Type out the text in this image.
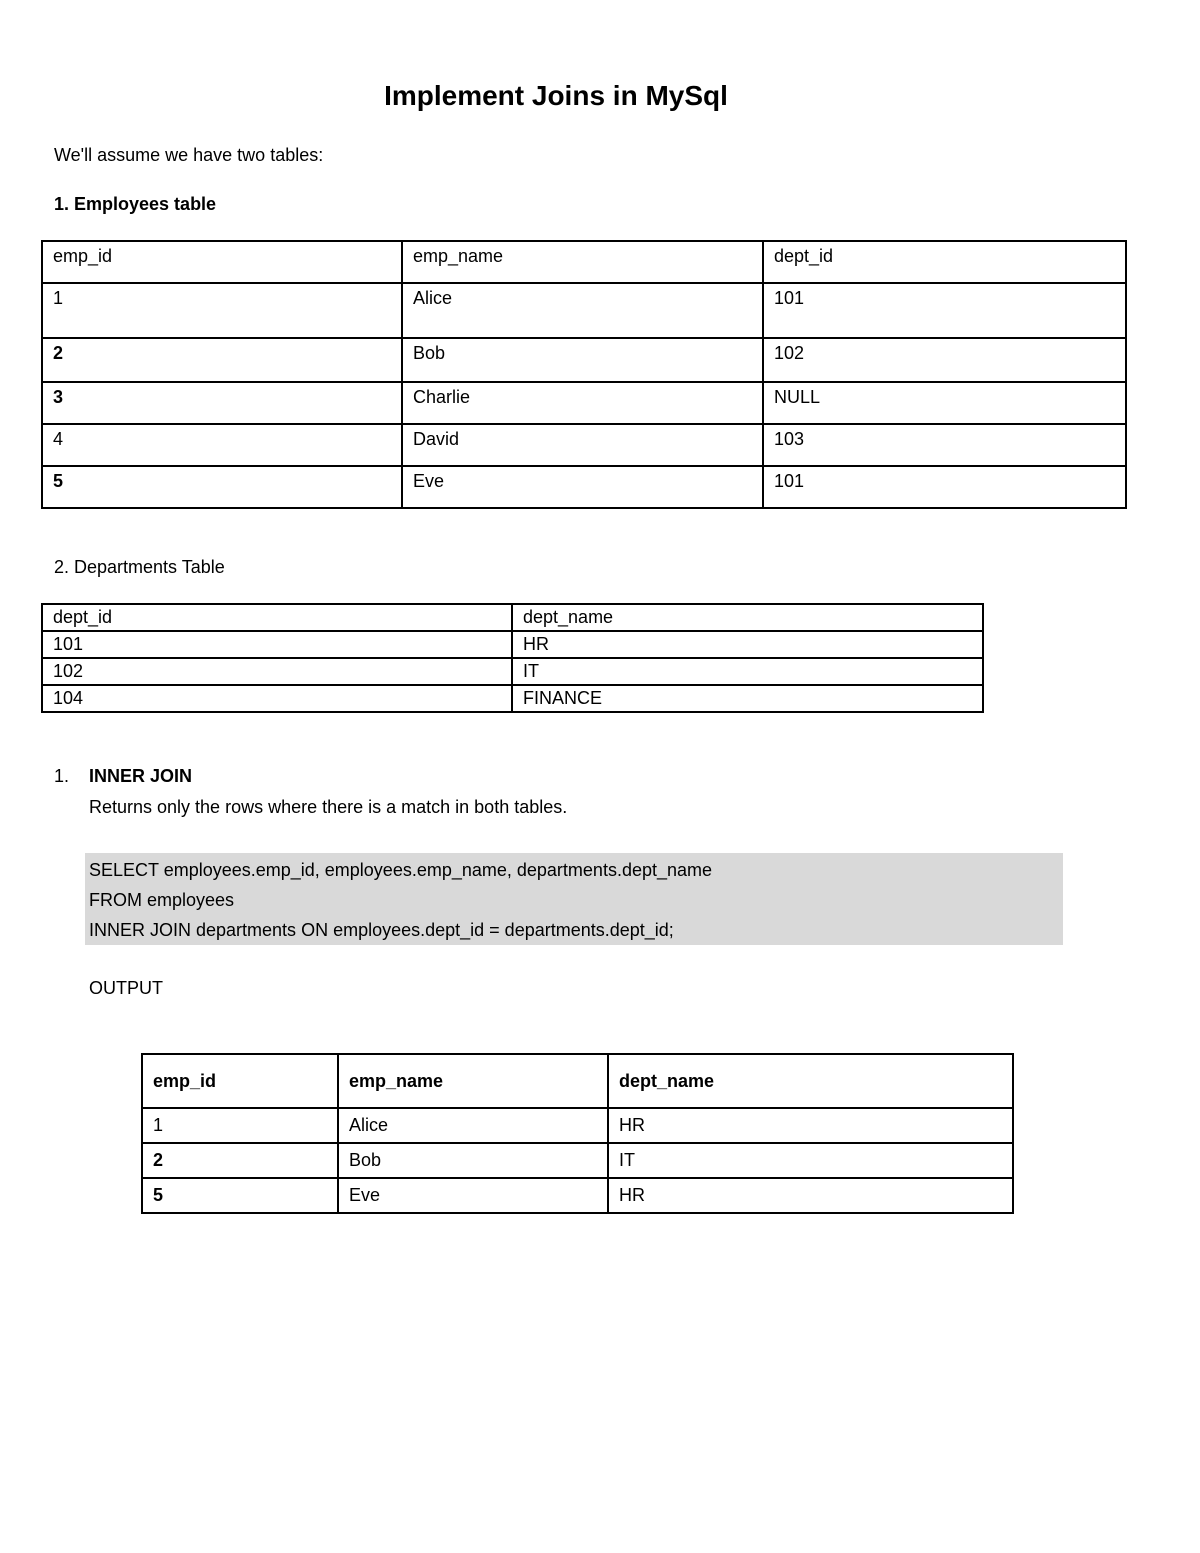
Implement Joins in MySql
We'll assume we have two tables:
1. Employees table
emp_id	emp_name	dept_id
1	Alice	101
2	Bob	102
3	Charlie	NULL
4	David	103
5	Eve	101
2. Departments Table
dept_id	dept_name
101	HR
102	IT
104	FINANCE
1. INNER JOIN
Returns only the rows where there is a match in both tables.
SELECT employees.emp_id, employees.emp_name, departments.dept_name
FROM employees
INNER JOIN departments ON employees.dept_id = departments.dept_id;
OUTPUT
emp_id	emp_name	dept_name
1	Alice	HR
2	Bob	IT
5	Eve	HR
